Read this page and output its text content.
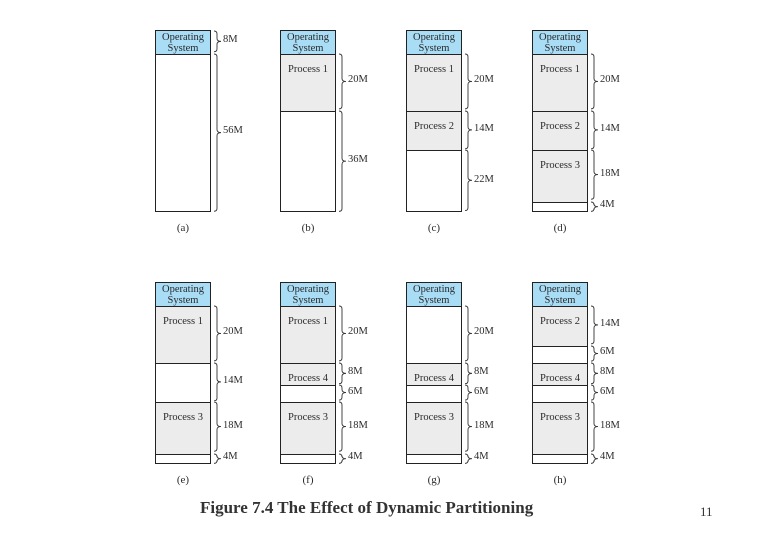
Operating System
8M
56M
(a)
Operating System
Process 1
20M
36M
(b)
Operating System
Process 1
Process 2
20M
14M
22M
(c)
Operating System
Process 1
Process 2
Process 3
20M
14M
18M
4M
(d)
Operating System
Process 1
Process 3
20M
14M
18M
4M
(e)
Operating System
Process 1
Process 4
Process 3
20M
8M
6M
18M
4M
(f)
Operating System
Process 4
Process 3
20M
8M
6M
18M
4M
(g)
Operating System
Process 2
Process 4
Process 3
14M
6M
8M
6M
18M
4M
(h)
Figure 7.4 The Effect of Dynamic Partitioning	11
